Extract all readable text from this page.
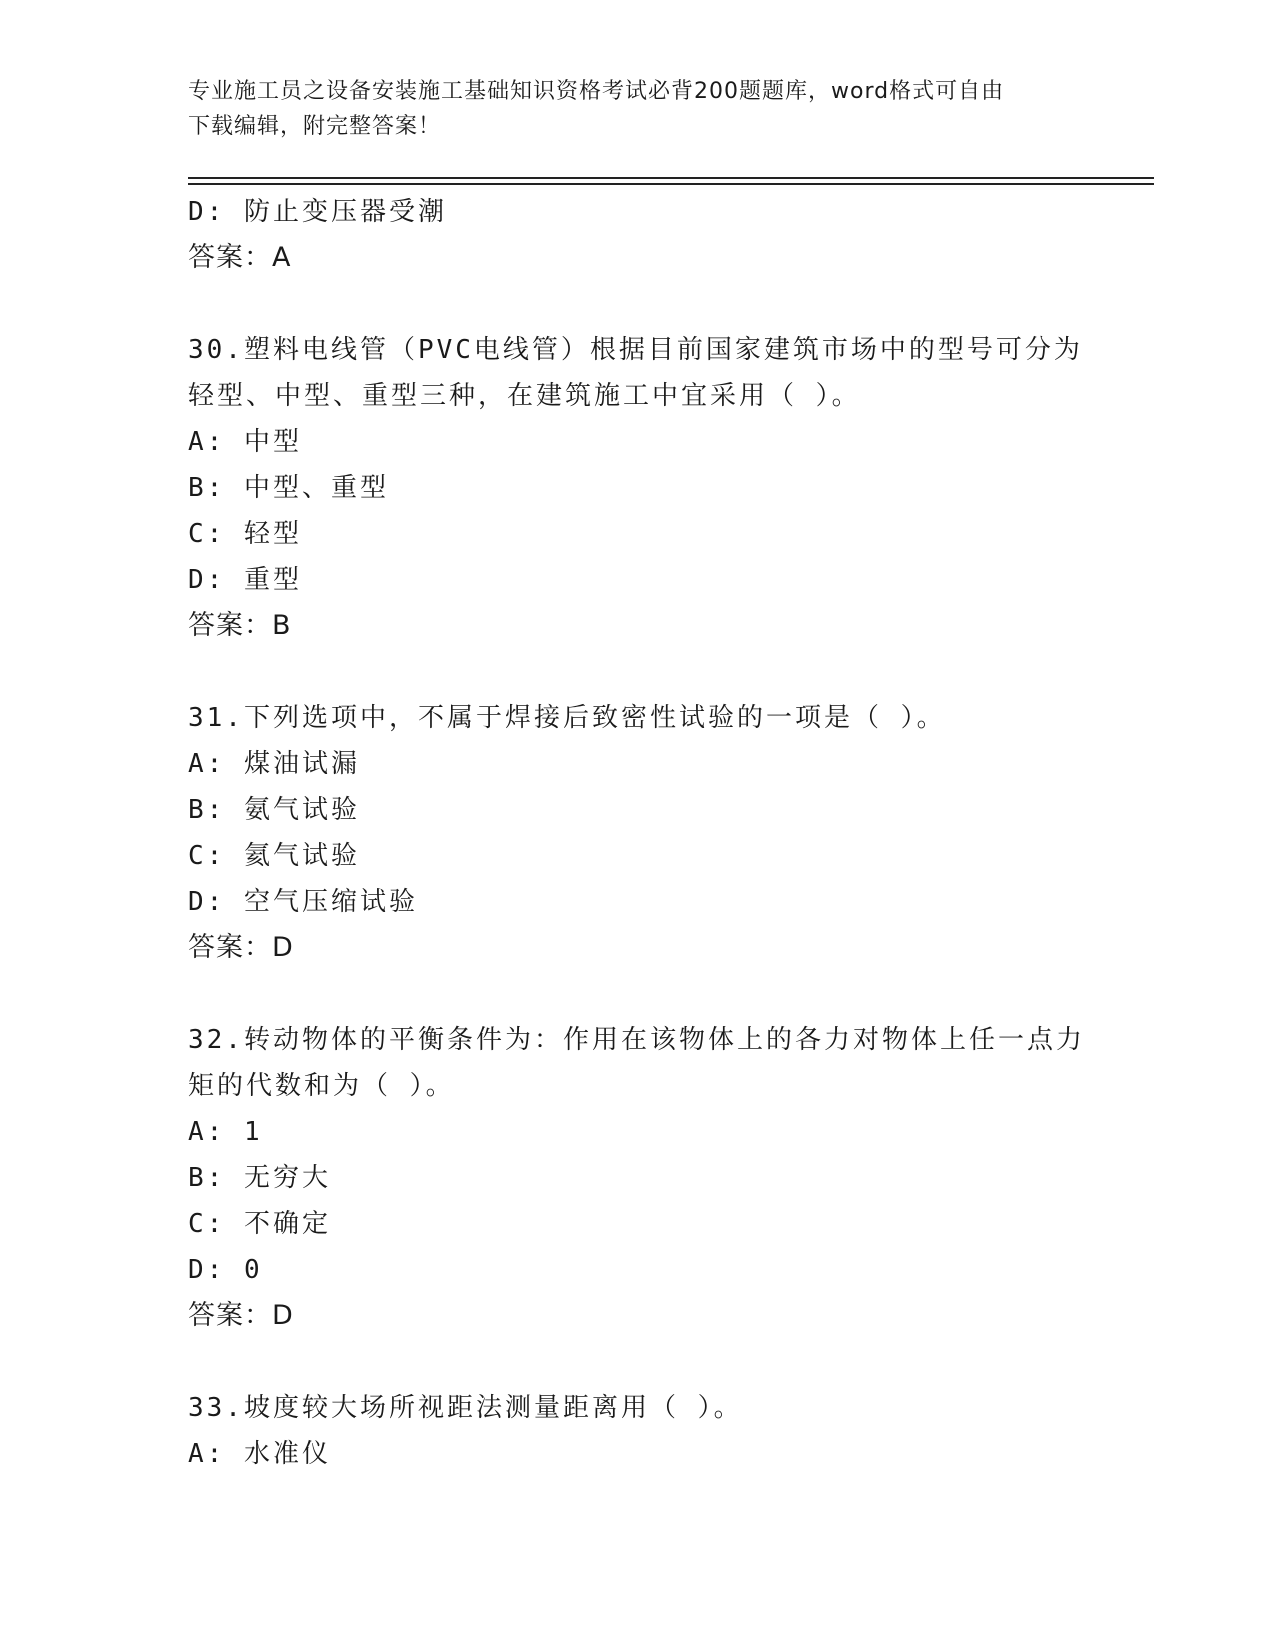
专业施工员之设备安装施工基础知识资格考试必背200题题库，word格式可自由
下载编辑，附完整答案！
D: 防止变压器受潮
答案：A
30.塑料电线管（PVC电线管）根据目前国家建筑市场中的型号可分为
轻型、中型、重型三种，在建筑施工中宜采用（ ）。
A: 中型
B: 中型、重型
C: 轻型
D: 重型
答案：B
31.下列选项中，不属于焊接后致密性试验的一项是（ ）。
A: 煤油试漏
B: 氨气试验
C: 氦气试验
D: 空气压缩试验
答案：D
32.转动物体的平衡条件为：作用在该物体上的各力对物体上任一点力
矩的代数和为（ ）。
A: 1
B: 无穷大
C: 不确定
D: 0
答案：D
33.坡度较大场所视距法测量距离用（ ）。
A: 水准仪
